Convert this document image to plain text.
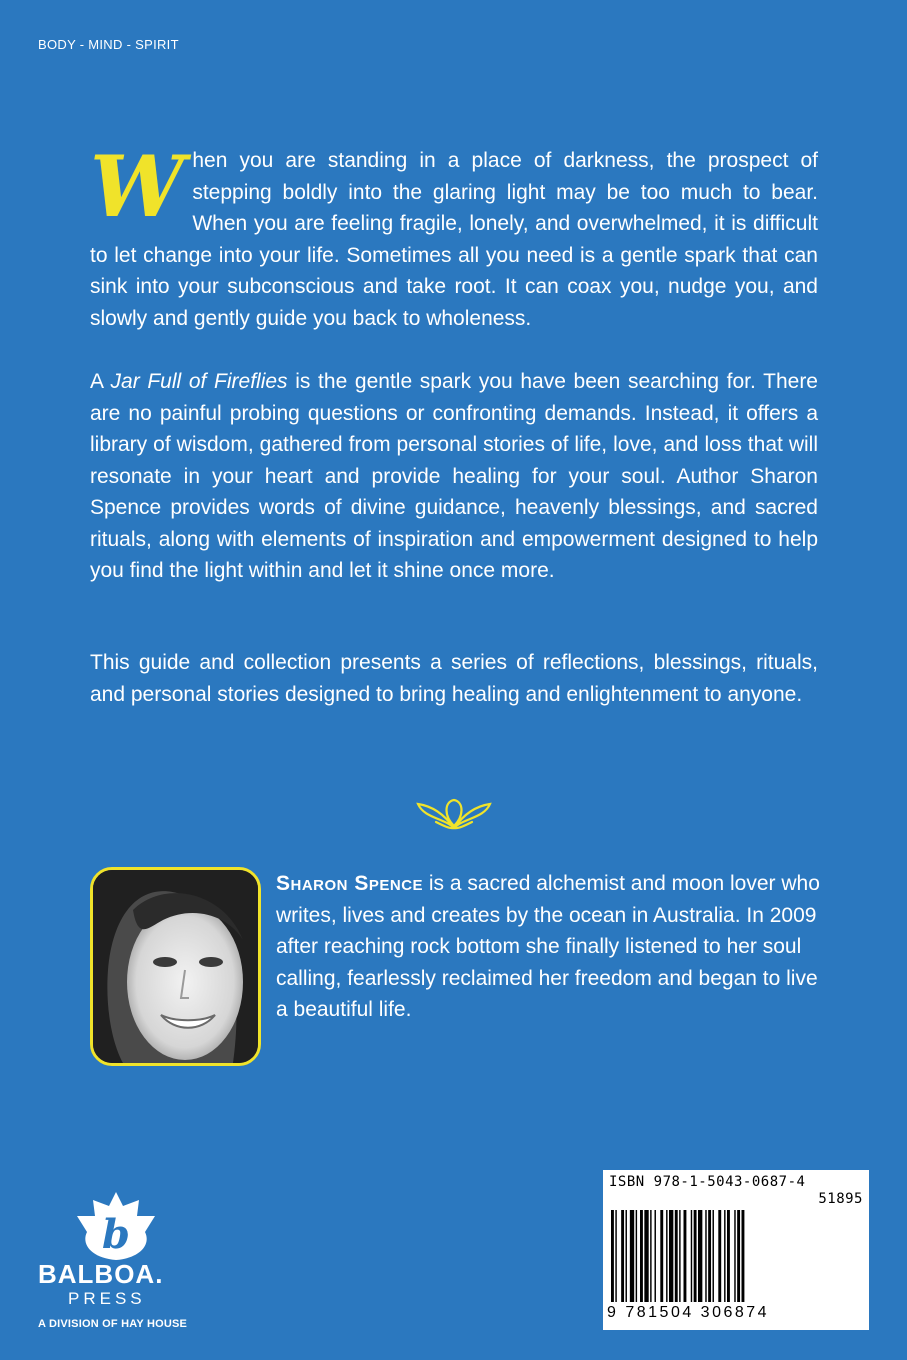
BODY - MIND - SPIRIT

W hen you are standing in a place of darkness, the prospect of stepping boldly into the glaring light may be too much to bear. When you are feeling fragile, lonely, and overwhelmed, it is difficult to let change into your life. Sometimes all you need is a gentle spark that can sink into your subconscious and take root. It can coax you, nudge you, and slowly and gently guide you back to wholeness.

A Jar Full of Fireflies is the gentle spark you have been searching for. There are no painful probing questions or confronting demands. Instead, it offers a library of wisdom, gathered from personal stories of life, love, and loss that will resonate in your heart and provide healing for your soul. Author Sharon Spence provides words of divine guidance, heavenly blessings, and sacred rituals, along with elements of inspiration and empowerment designed to help you find the light within and let it shine once more.

This guide and collection presents a series of reflections, blessings, rituals, and personal stories designed to bring healing and enlightenment to anyone.

Sharon Spence is a sacred alchemist and moon lover who writes, lives and creates by the ocean in Australia. In 2009 after reaching rock bottom she finally listened to her soul calling, fearlessly reclaimed her freedom and began to live a beautiful life.

b
BALBOA.
PRESS
A DIVISION OF HAY HOUSE
ISBN 978-1-5043-0687-4
51895
9 781504 306874
